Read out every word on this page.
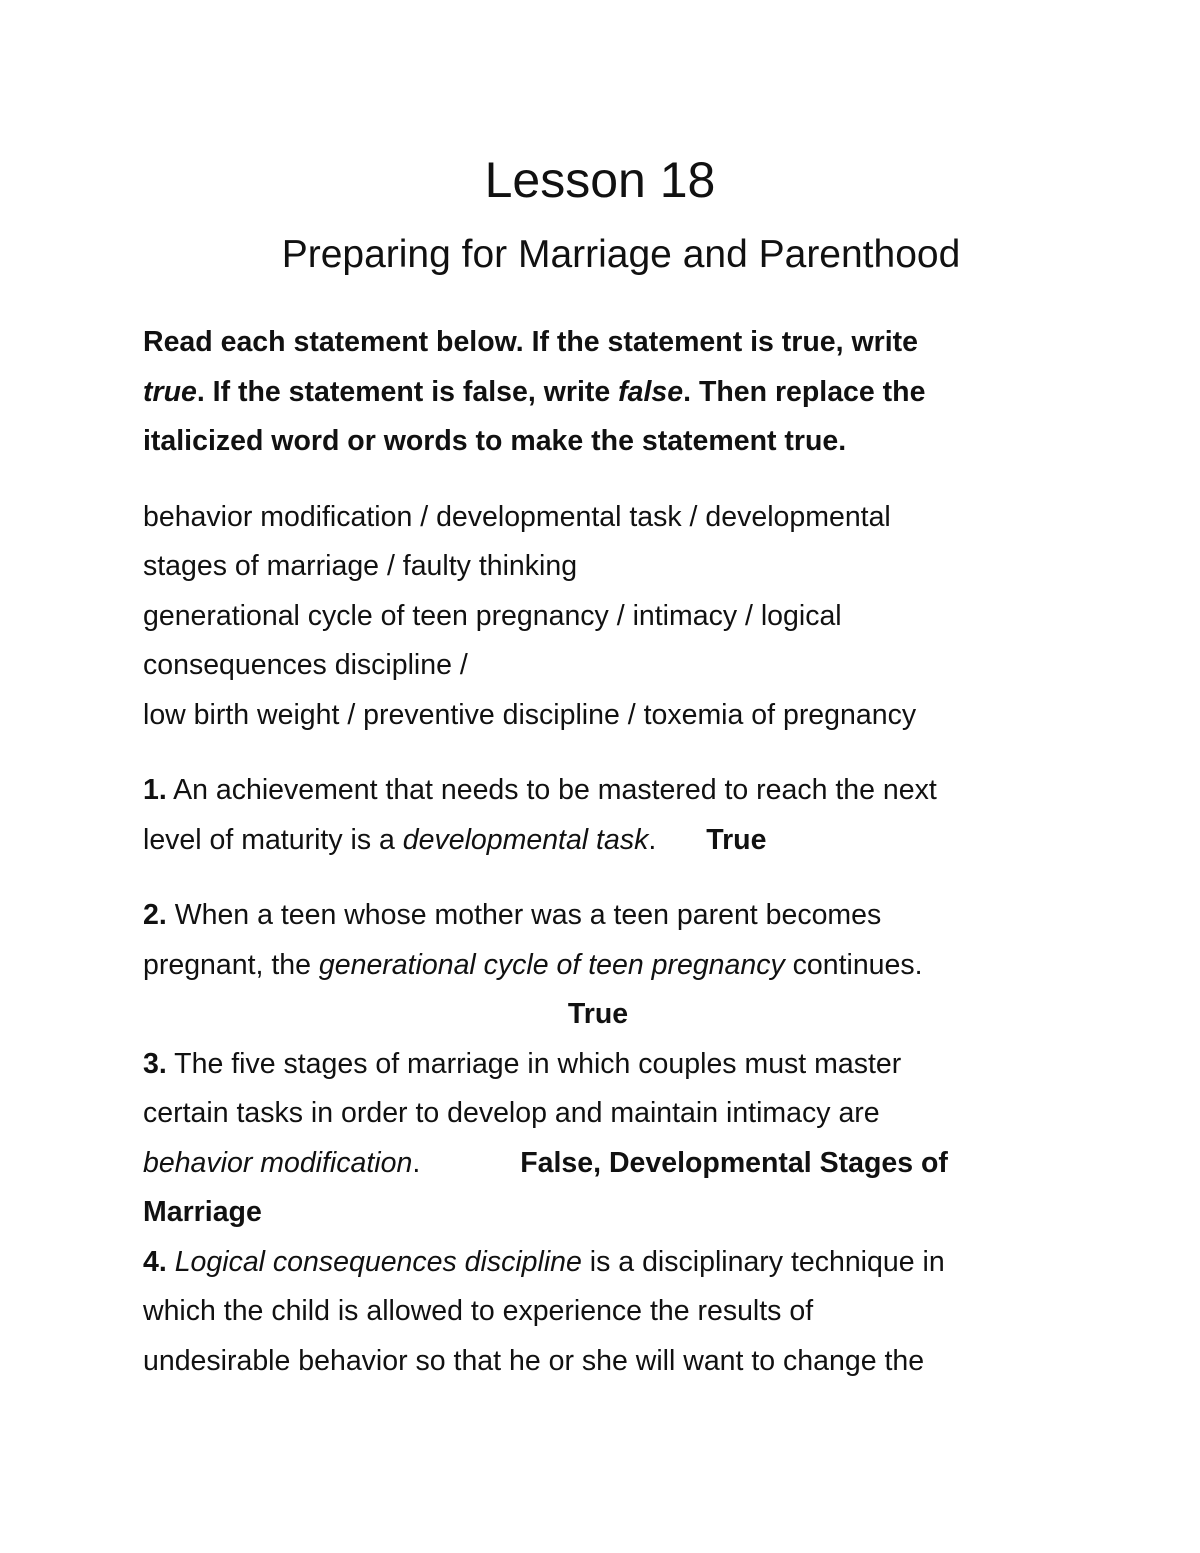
Lesson 18
Preparing for Marriage and Parenthood
Read each statement below. If the statement is true, write
true. If the statement is false, write false. Then replace the
italicized word or words to make the statement true.
behavior modification / developmental task / developmental
stages of marriage / faulty thinking
generational cycle of teen pregnancy / intimacy / logical
consequences discipline /
low birth weight / preventive discipline / toxemia of pregnancy
1. An achievement that needs to be mastered to reach the next
level of maturity is a developmental task. True
2. When a teen whose mother was a teen parent becomes
pregnant, the generational cycle of teen pregnancy continues.
True
3. The five stages of marriage in which couples must master
certain tasks in order to develop and maintain intimacy are
behavior modification.	False, Developmental Stages of
Marriage
4. Logical consequences discipline is a disciplinary technique in
which the child is allowed to experience the results of
undesirable behavior so that he or she will want to change the
